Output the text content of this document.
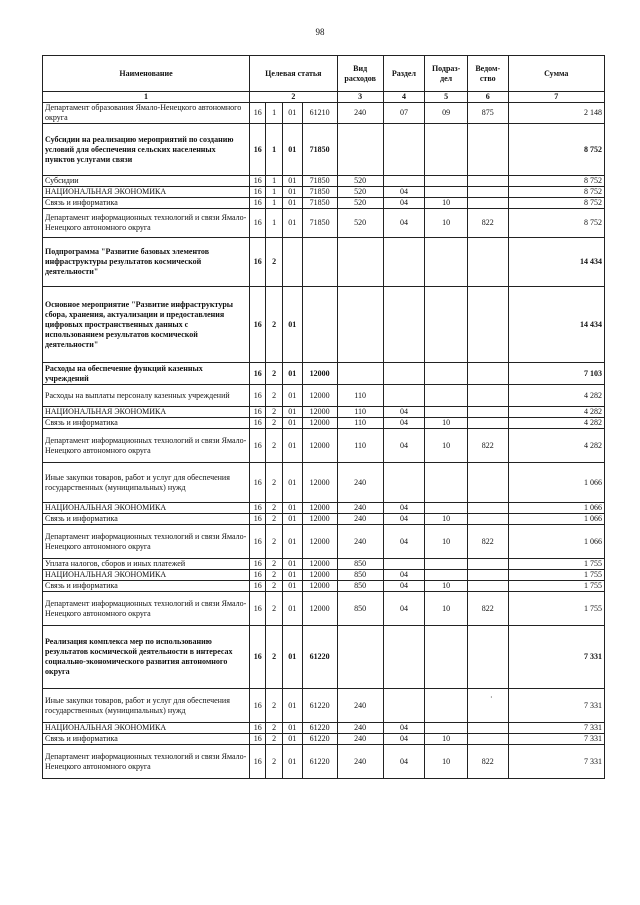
98
Наименование	Целевая статья				Вид расходов	Раздел	Подраз-дел	Ведом-ство	Сумма
1	2				3	4	5	6	7
Департамент образования Ямало-Ненецкого автономного округа	16	1	01	61210	240	07	09	875	2 148
Субсидии на реализацию мероприятий по созданию условий для обеспечения сельских населенных пунктов услугами связи	16	1	01	71850					8 752
Субсидии	16	1	01	71850	520				8 752
НАЦИОНАЛЬНАЯ ЭКОНОМИКА	16	1	01	71850	520	04			8 752
Связь и информатика	16	1	01	71850	520	04	10		8 752
Департамент информационных технологий и связи Ямало-Ненецкого автономного округа	16	1	01	71850	520	04	10	822	8 752
Подпрограмма "Развитие базовых элементов инфраструктуры результатов космической деятельности"	16	2							14 434
Основное мероприятие "Развитие инфраструктуры сбора, хранения, актуализации и предоставления цифровых пространственных данных с использованием результатов космической деятельности"	16	2	01						14 434
Расходы на обеспечение функций казенных учреждений	16	2	01	12000					7 103
Расходы на выплаты персоналу казенных учреждений	16	2	01	12000	110				4 282
НАЦИОНАЛЬНАЯ ЭКОНОМИКА	16	2	01	12000	110	04			4 282
Связь и информатика	16	2	01	12000	110	04	10		4 282
Департамент информационных технологий и связи Ямало-Ненецкого автономного округа	16	2	01	12000	110	04	10	822	4 282
Иные закупки товаров, работ и услуг для обеспечения государственных (муниципальных) нужд	16	2	01	12000	240				1 066
НАЦИОНАЛЬНАЯ ЭКОНОМИКА	16	2	01	12000	240	04			1 066
Связь и информатика	16	2	01	12000	240	04	10		1 066
Департамент информационных технологий и связи Ямало-Ненецкого автономного округа	16	2	01	12000	240	04	10	822	1 066
Уплата налогов, сборов и иных платежей	16	2	01	12000	850				1 755
НАЦИОНАЛЬНАЯ ЭКОНОМИКА	16	2	01	12000	850	04			1 755
Связь и информатика	16	2	01	12000	850	04	10		1 755
Департамент информационных технологий и связи Ямало-Ненецкого автономного округа	16	2	01	12000	850	04	10	822	1 755
Реализация комплекса мер по использованию результатов космической деятельности в интересах социально-экономического развития автономного округа	16	2	01	61220					7 331
Иные закупки товаров, работ и услуг для обеспечения государственных (муниципальных) нужд	16	2	01	61220	240				7 331
НАЦИОНАЛЬНАЯ ЭКОНОМИКА	16	2	01	61220	240	04			7 331
Связь и информатика	16	2	01	61220	240	04	10		7 331
Департамент информационных технологий и связи Ямало-Ненецкого автономного округа	16	2	01	61220	240	04	10	822	7 331
·
